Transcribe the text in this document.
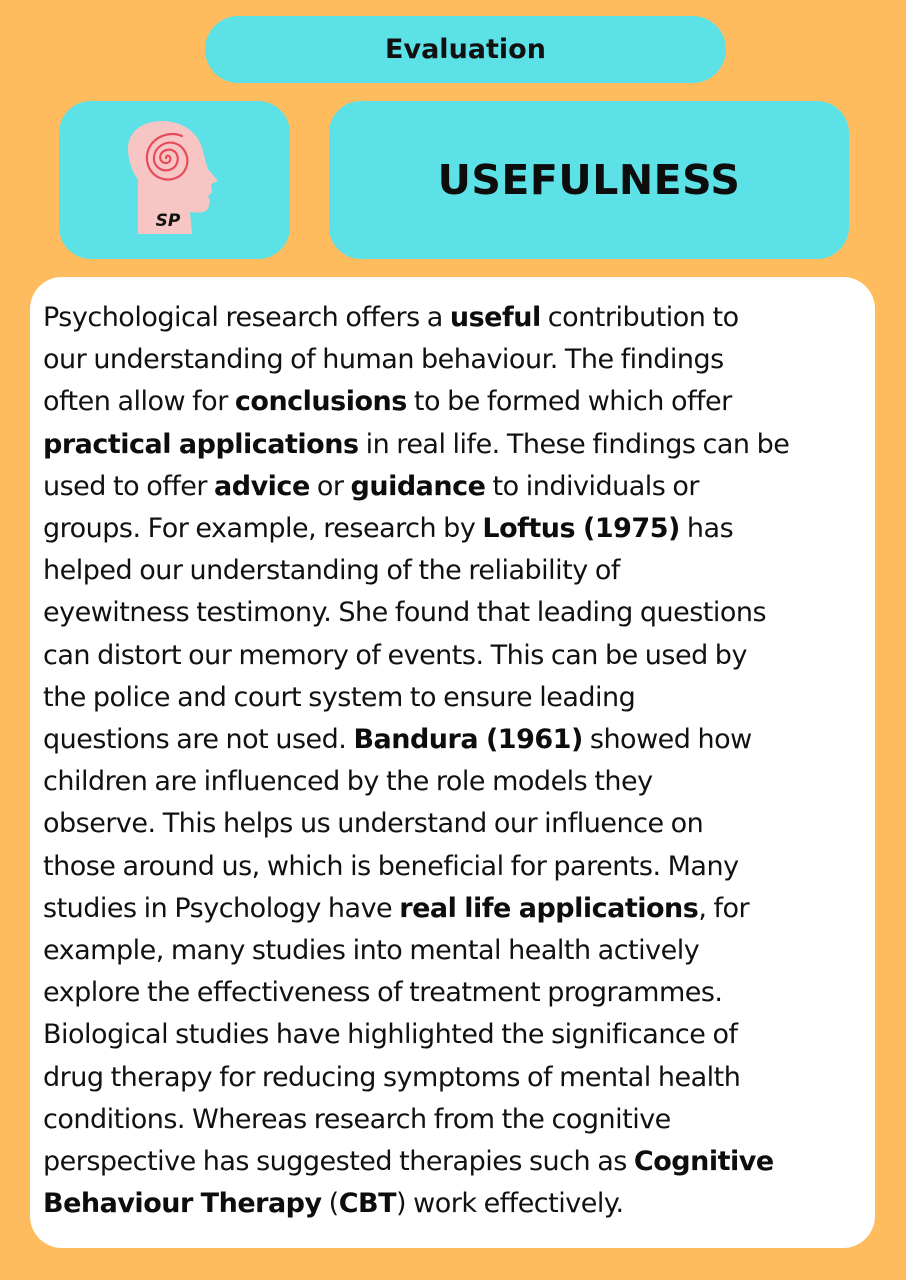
Evaluation
SP
USEFULNESS

Psychological research offers a useful contribution to
our understanding of human behaviour. The findings
often allow for conclusions to be formed which offer
practical applications in real life. These findings can be
used to offer advice or guidance to individuals or
groups. For example, research by Loftus (1975) has
helped our understanding of the reliability of
eyewitness testimony. She found that leading questions
can distort our memory of events. This can be used by
the police and court system to ensure leading
questions are not used. Bandura (1961) showed how
children are influenced by the role models they
observe. This helps us understand our influence on
those around us, which is beneficial for parents. Many
studies in Psychology have real life applications, for
example, many studies into mental health actively
explore the effectiveness of treatment programmes.
Biological studies have highlighted the significance of
drug therapy for reducing symptoms of mental health
conditions. Whereas research from the cognitive
perspective has suggested therapies such as Cognitive
Behaviour Therapy (CBT) work effectively.
